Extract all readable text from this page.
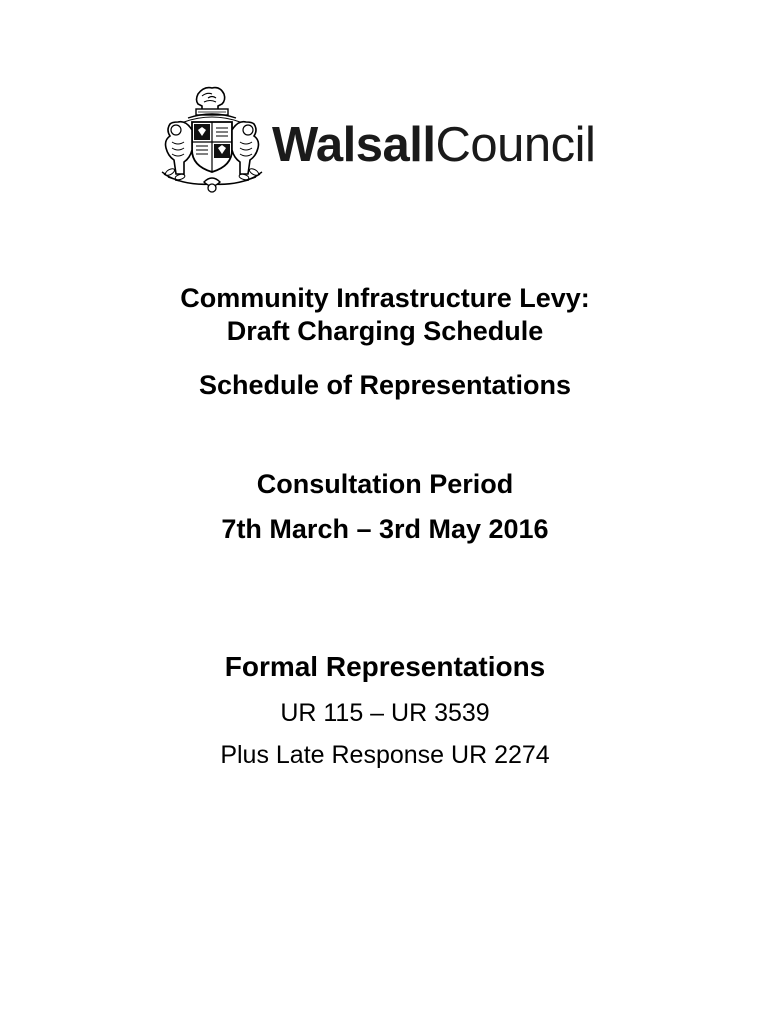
WalsallCouncil
Community Infrastructure Levy:
Draft Charging Schedule
Schedule of Representations
Consultation Period
7th March – 3rd May 2016
Formal Representations
UR 115 – UR 3539
Plus Late Response UR 2274
